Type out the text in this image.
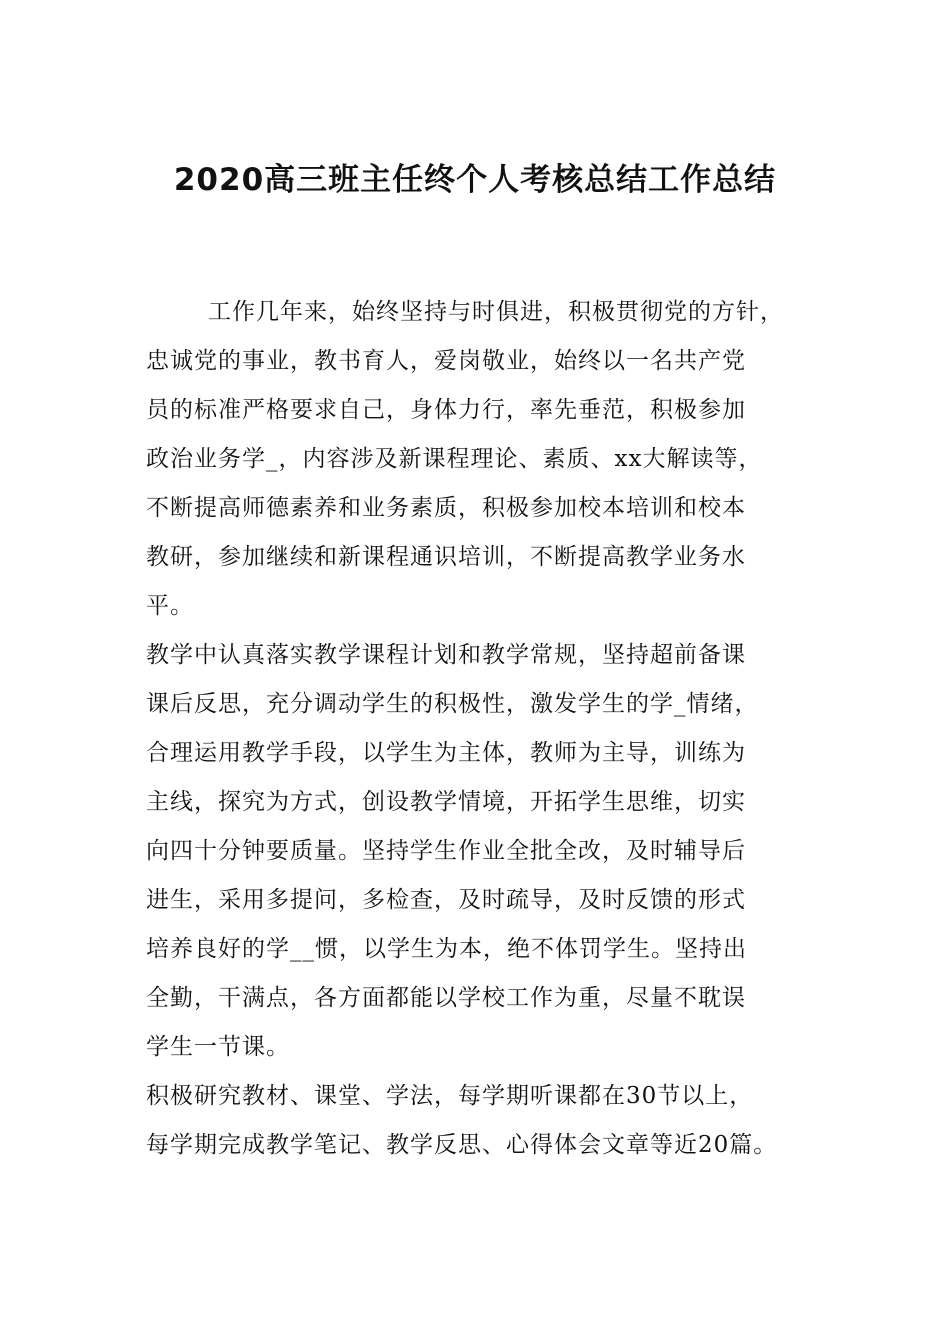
2020高三班主任终个人考核总结工作总结
工作几年来，始终坚持与时俱进，积极贯彻党的方针，
忠诚党的事业，教书育人，爱岗敬业，始终以一名共产党
员的标准严格要求自己，身体力行，率先垂范，积极参加
政治业务学_，内容涉及新课程理论、素质、xx大解读等，
不断提高师德素养和业务素质，积极参加校本培训和校本
教研，参加继续和新课程通识培训，不断提高教学业务水
平。
教学中认真落实教学课程计划和教学常规，坚持超前备课
课后反思，充分调动学生的积极性，激发学生的学_情绪，
合理运用教学手段，以学生为主体，教师为主导，训练为
主线，探究为方式，创设教学情境，开拓学生思维，切实
向四十分钟要质量。坚持学生作业全批全改，及时辅导后
进生，采用多提问，多检查，及时疏导，及时反馈的形式
培养良好的学__惯，以学生为本，绝不体罚学生。坚持出
全勤，干满点，各方面都能以学校工作为重，尽量不耽误
学生一节课。
积极研究教材、课堂、学法，每学期听课都在30节以上，
每学期完成教学笔记、教学反思、心得体会文章等近20篇。
